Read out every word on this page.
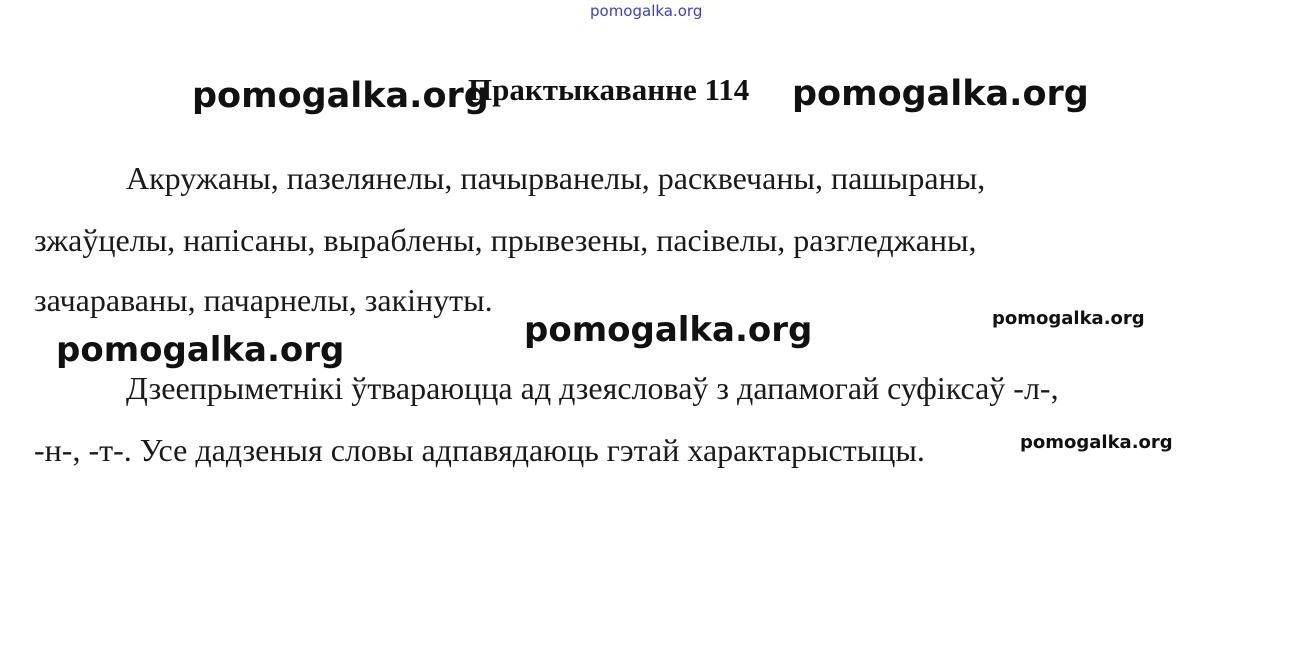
pomogalka.org
pomogalka.org
Практыкаванне 114 pomogalka.org
Акружаны, пазелянелы, пачырванелы, расквечаны, пашыраны,
зжаўцелы, напісаны, выраблены, прывезены, пасівелы, разгледжаны,
зачараваны, пачарнелы, закінуты.
pomogalka.org	pomogalka.org
pomogalka.org
Дзеепрыметнікі ўтвараюцца ад дзеясловаў з дапамогай суфіксаў -л-,
-н-, -т-. Усе дадзеныя словы адпавядаюць гэтай характарыстыцы.	pomogalka.org
